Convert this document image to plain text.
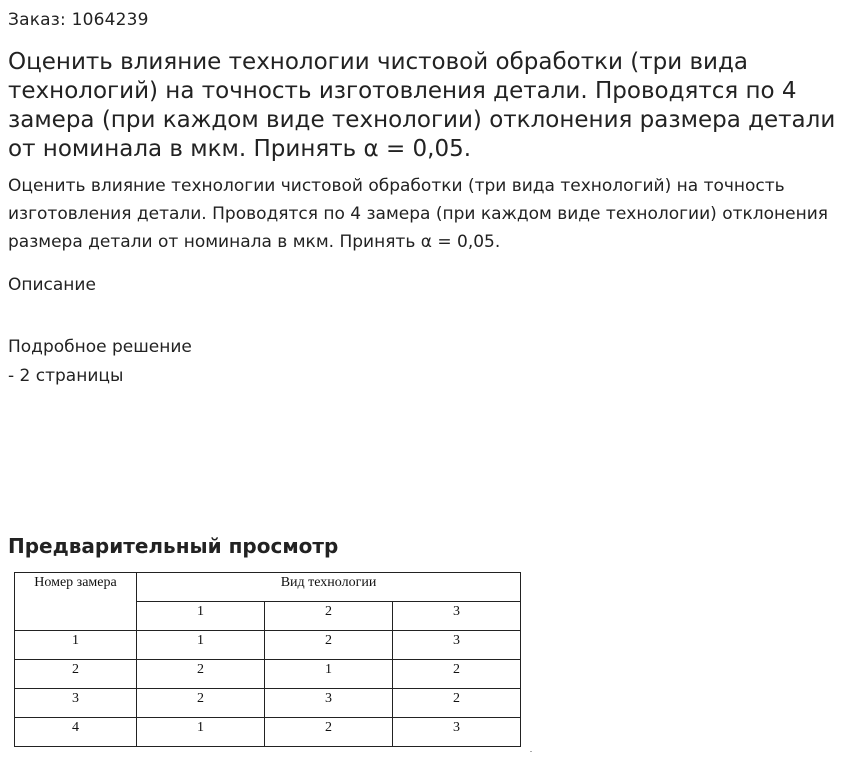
Заказ: 1064239
Оценить влияние технологии чистовой обработки (три вида технологий) на точность изготовления детали. Проводятся по 4 замера (при каждом виде технологии) отклонения размера детали от номинала в мкм. Принять α = 0,05.

Оценить влияние технологии чистовой обработки (три вида технологий) на точность изготовления детали. Проводятся по 4 замера (при каждом виде технологии) отклонения размера детали от номинала в мкм. Принять α = 0,05.

Описание
Подробное решение
- 2 страницы
Предварительный просмотр
Номер замера	Вид технологии		
	1	2	3
1	1	2	3
2	2	1	2
3	2	3	2
4	1	2	3
